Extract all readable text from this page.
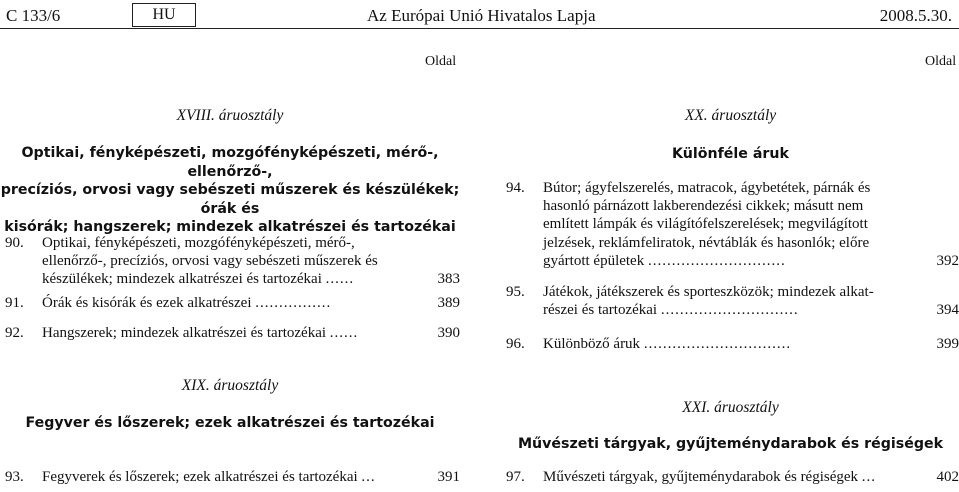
C 133/6	HU	Az Európai Unió Hivatalos Lapja	2008.5.30.
Oldal	Oldal
XVIII. áruosztály
Optikai, fényképészeti, mozgófényképészeti, mérő-, ellenőrző-,
precíziós, orvosi vagy sebészeti műszerek és készülékek; órák és
kisórák; hangszerek; mindezek alkatrészei és tartozékai
90. Optikai, fényképészeti, mozgófényképészeti, mérő-,
ellenőrző-, precíziós, orvosi vagy sebészeti műszerek és
készülékek; mindezek alkatrészei és tartozékai ......	383
91. Órák és kisórák és ezek alkatrészei ................	389
92. Hangszerek; mindezek alkatrészei és tartozékai ......	390
XIX. áruosztály
Fegyver és lőszerek; ezek alkatrészei és tartozékai
93. Fegyverek és lőszerek; ezek alkatrészei és tartozékai ...	391
XX. áruosztály
Különféle áruk
94. Bútor; ágyfelszerelés, matracok, ágybetétek, párnák és
hasonló párnázott lakberendezési cikkek; másutt nem
említett lámpák és világítófelszerelések; megvilágított
jelzések, reklámfeliratok, névtáblák és hasonlók; előre
gyártott épületek .............................	392
95. Játékok, játékszerek és sporteszközök; mindezek alkat-
részei és tartozékai .............................	394
96. Különböző áruk ...............................	399
XXI. áruosztály
Művészeti tárgyak, gyűjteménydarabok és régiségek
97. Művészeti tárgyak, gyűjteménydarabok és régiségek ...	402
